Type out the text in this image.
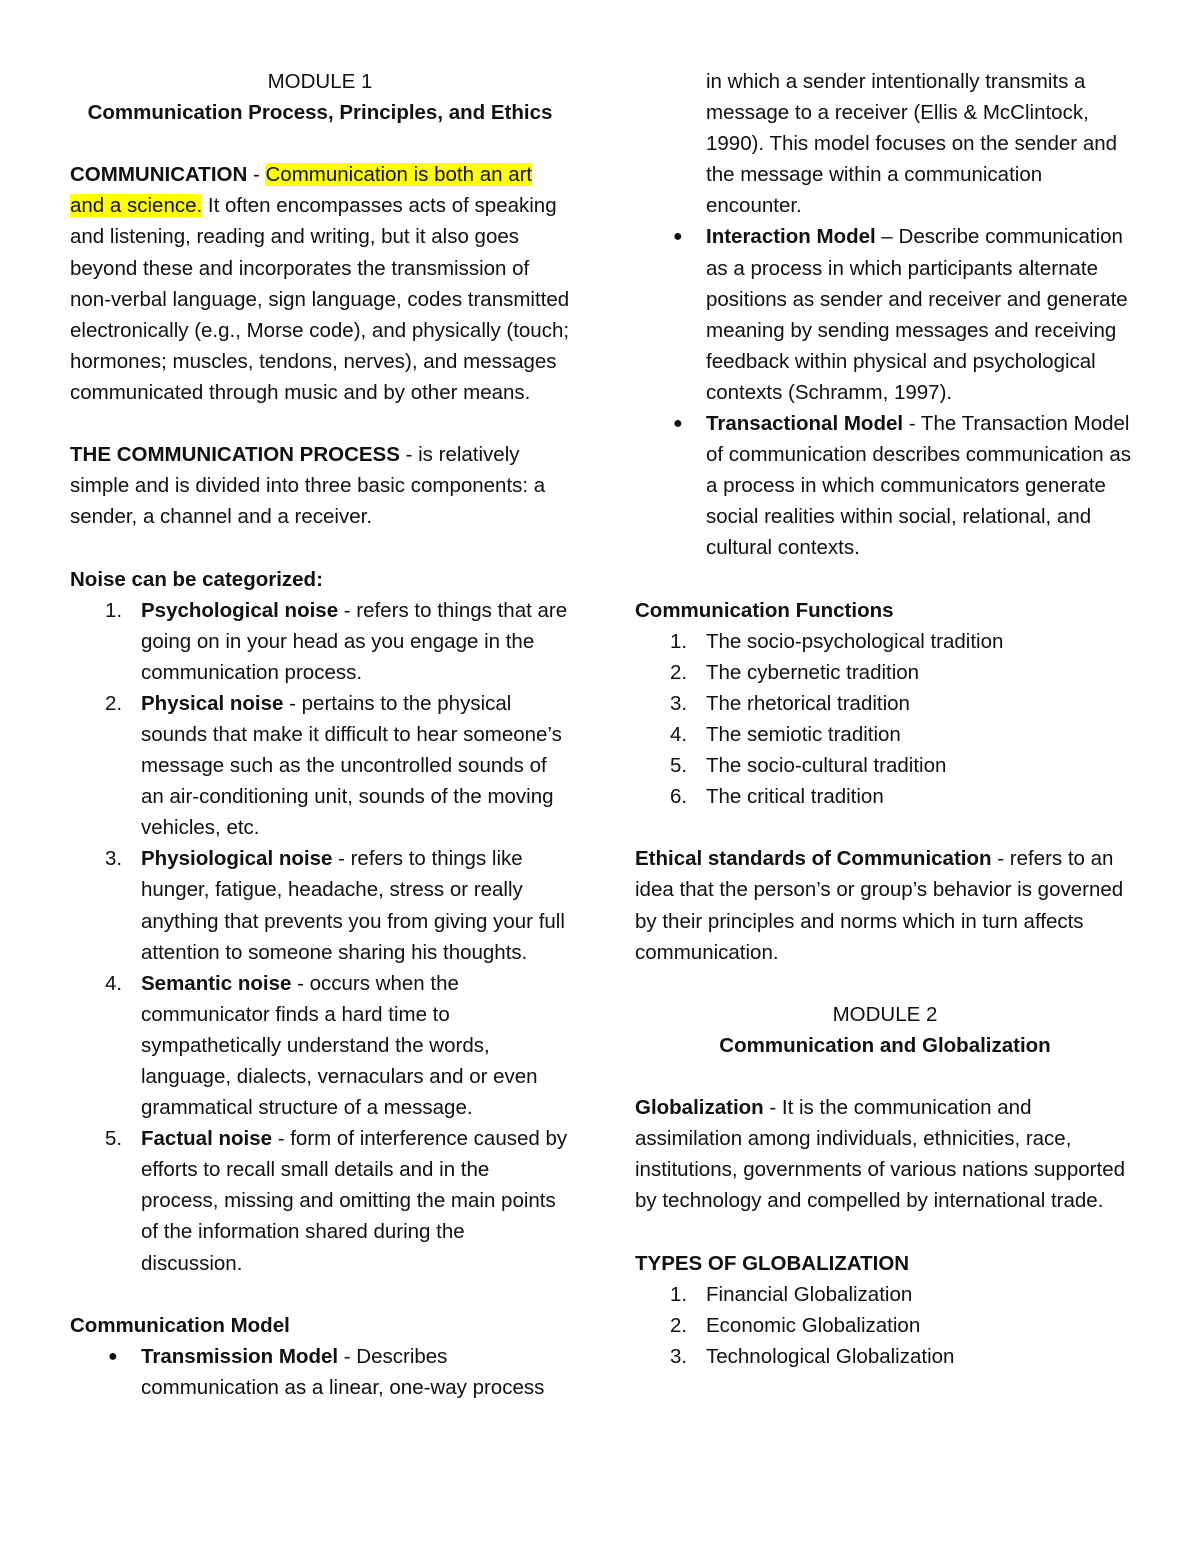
MODULE 1

Communication Process, Principles, and Ethics

COMMUNICATION - Communication is both an art and a science. It often encompasses acts of speaking and listening, reading and writing, but it also goes beyond these and incorporates the transmission of non-verbal language, sign language, codes transmitted electronically (e.g., Morse code), and physically (touch; hormones; muscles, tendons, nerves), and messages communicated through music and by other means.

THE COMMUNICATION PROCESS - is relatively simple and is divided into three basic components: a sender, a channel and a receiver.

Noise can be categorized:

1. Psychological noise - refers to things that are going on in your head as you engage in the communication process.
2. Physical noise - pertains to the physical sounds that make it difficult to hear someone’s message such as the uncontrolled sounds of an air-conditioning unit, sounds of the moving vehicles, etc.
3. Physiological noise - refers to things like hunger, fatigue, headache, stress or really anything that prevents you from giving your full attention to someone sharing his thoughts.
4. Semantic noise - occurs when the communicator finds a hard time to sympathetically understand the words, language, dialects, vernaculars and or even grammatical structure of a message.
5. Factual noise - form of interference caused by efforts to recall small details and in the process, missing and omitting the main points of the information shared during the discussion.

Communication Model

●	Transmission Model - Describes communication as a linear, one-way process
in which a sender intentionally transmits a message to a receiver (Ellis & McClintock, 1990). This model focuses on the sender and the message within a communication encounter.
●	Interaction Model – Describe communication as a process in which participants alternate positions as sender and receiver and generate meaning by sending messages and receiving feedback within physical and psychological contexts (Schramm, 1997).
●	Transactional Model - The Transaction Model of communication describes communication as a process in which communicators generate social realities within social, relational, and cultural contexts.

Communication Functions

1. The socio-psychological tradition
2. The cybernetic tradition
3. The rhetorical tradition
4. The semiotic tradition
5. The socio-cultural tradition
6. The critical tradition

Ethical standards of Communication - refers to an idea that the person’s or group’s behavior is governed by their principles and norms which in turn affects communication.

MODULE 2

Communication and Globalization

Globalization - It is the communication and assimilation among individuals, ethnicities, race, institutions, governments of various nations supported by technology and compelled by international trade.

TYPES OF GLOBALIZATION

1. Financial Globalization
2. Economic Globalization
3. Technological Globalization
